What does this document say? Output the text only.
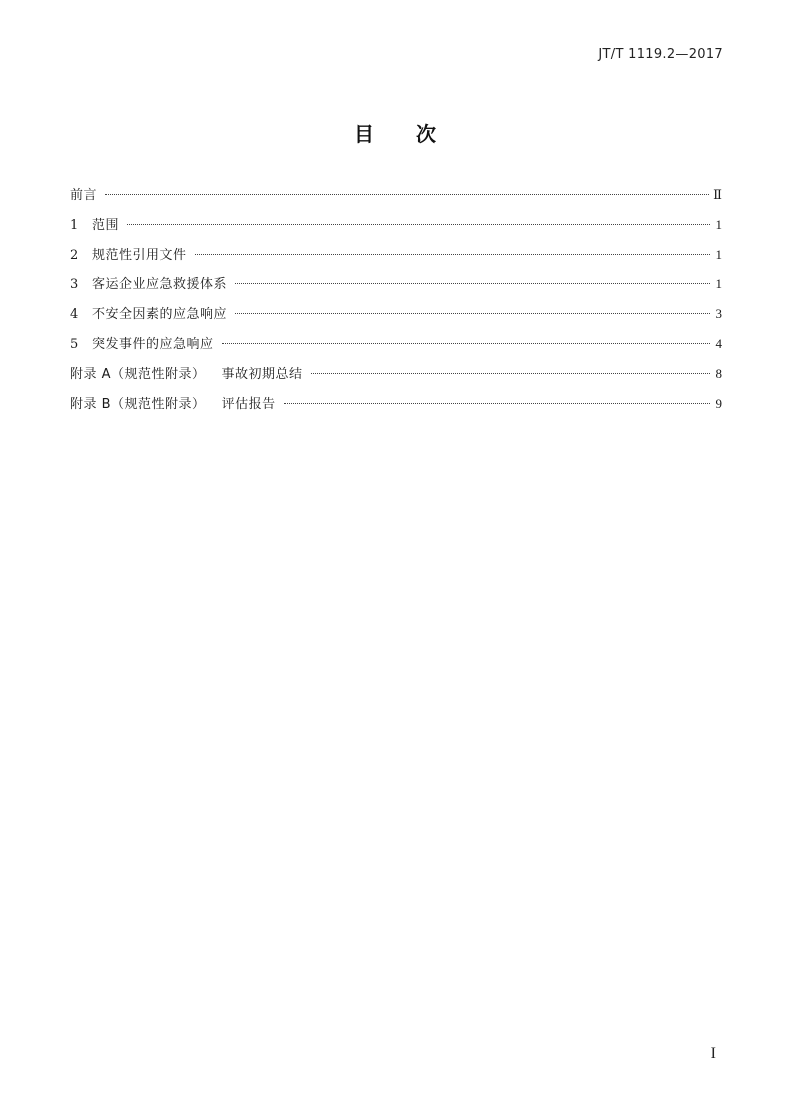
JT/T 1119.2—2017
目次
前言	Ⅱ
1	范围	1
2	规范性引用文件	1
3	客运企业应急救援体系	1
4	不安全因素的应急响应	3
5	突发事件的应急响应	4
附录 A（规范性附录） 事故初期总结	8
附录 B（规范性附录） 评估报告	9
I
